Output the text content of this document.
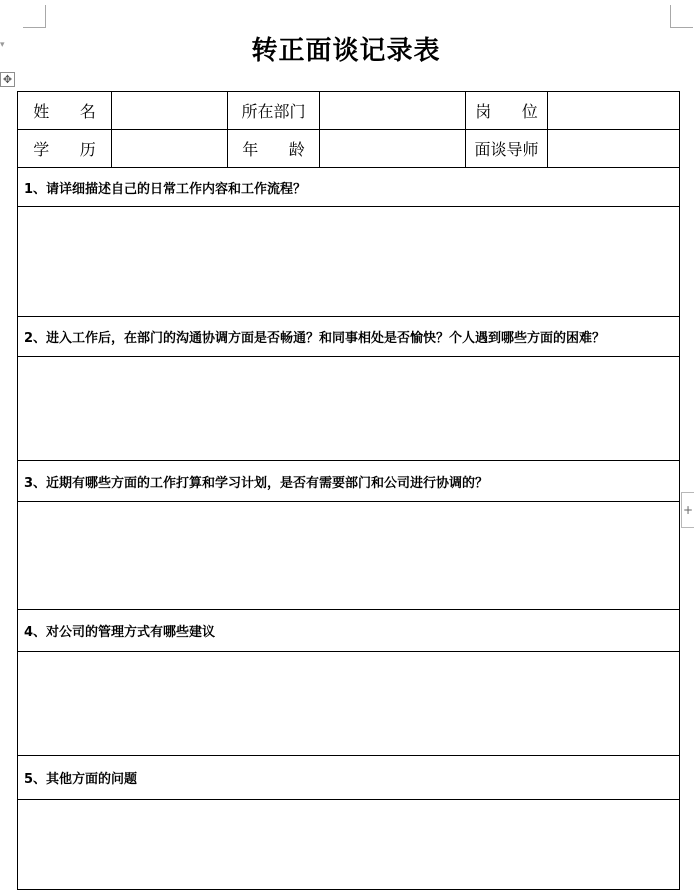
▾
✥
+
转正面谈记录表
姓      名		所在部门		岗      位	
学      历		年      龄		面谈导师	
1、请详细描述自己的日常工作内容和工作流程？					

2、进入工作后，在部门的沟通协调方面是否畅通？和同事相处是否愉快？个人遇到哪些方面的困难？					

3、近期有哪些方面的工作打算和学习计划，是否有需要部门和公司进行协调的？					

4、对公司的管理方式有哪些建议					

5、其他方面的问题					
